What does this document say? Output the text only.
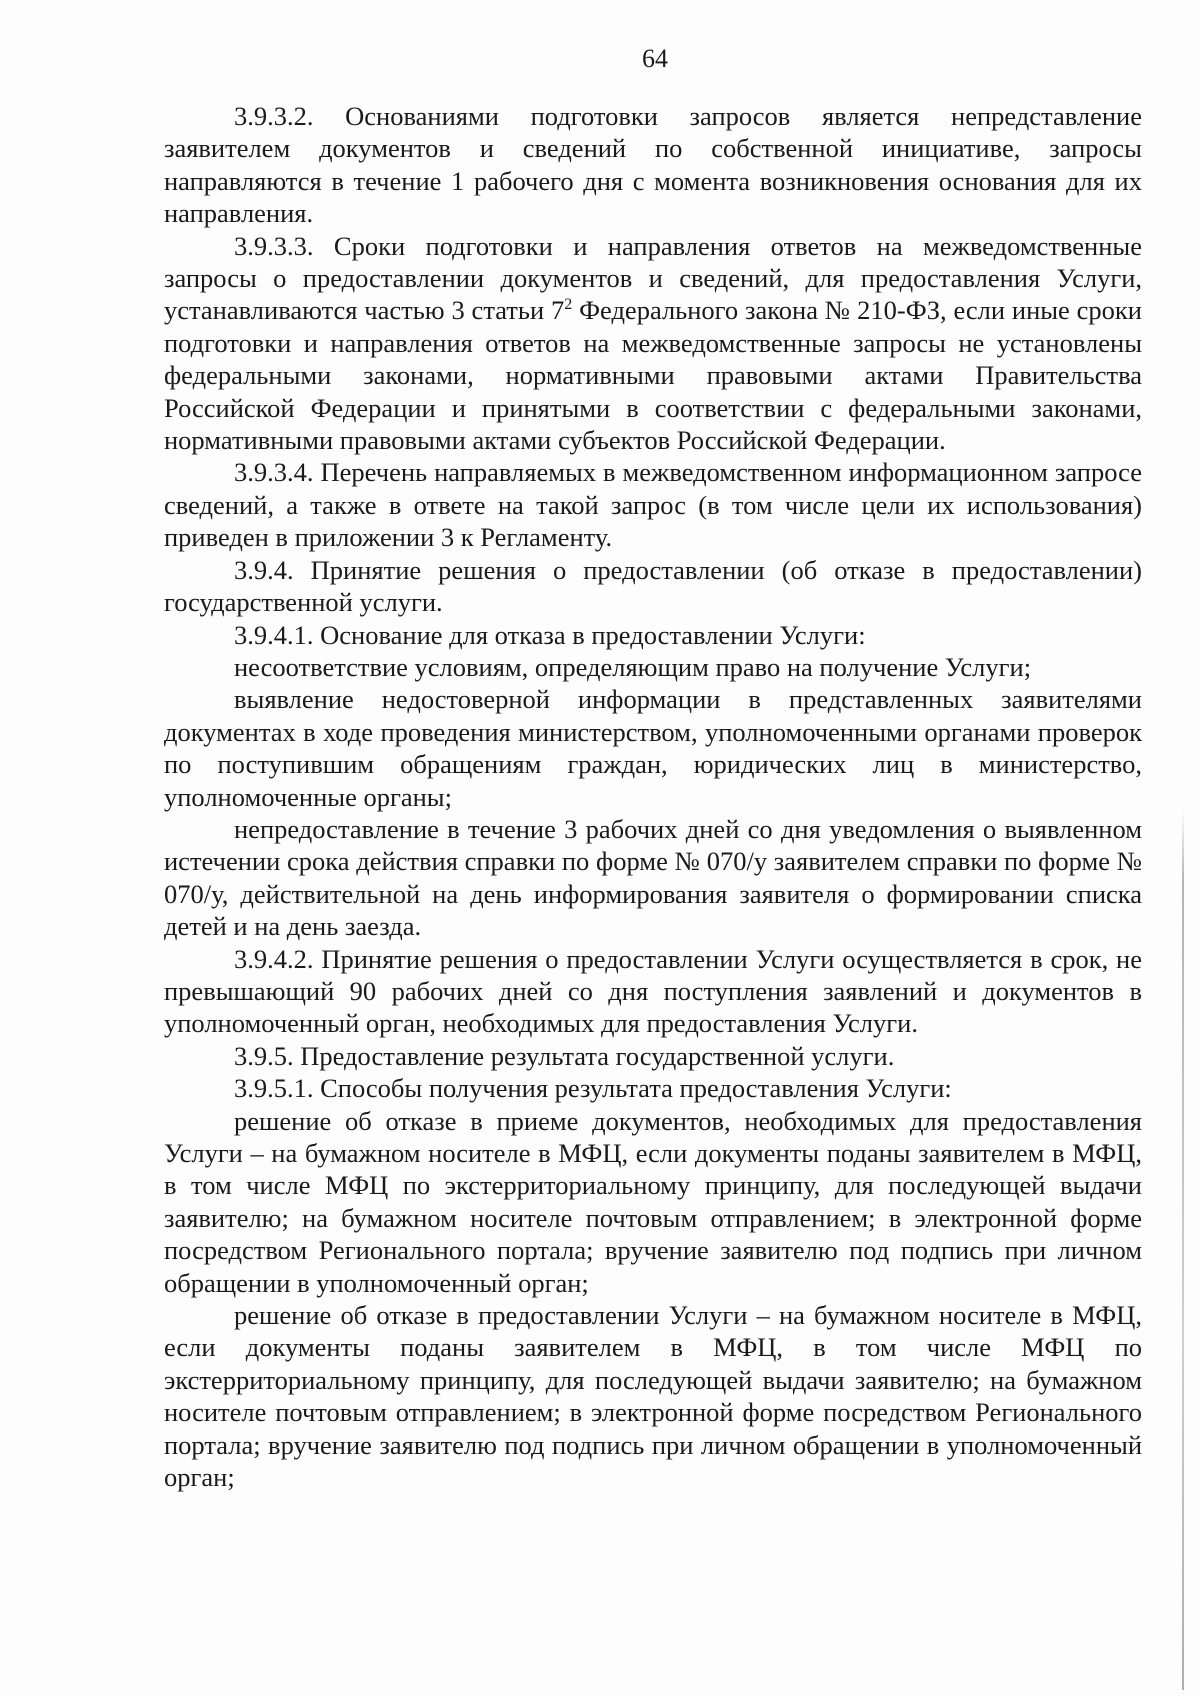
64

3.9.3.2. Основаниями подготовки запросов является непредставление заявителем документов и сведений по собственной инициативе, запросы направляются в течение 1 рабочего дня с момента возникновения основания для их направления.

3.9.3.3. Сроки подготовки и направления ответов на межведомственные запросы о предоставлении документов и сведений, для предоставления Услуги, устанавливаются частью 3 статьи $7^2$ Федерального закона № 210-ФЗ, если иные сроки подготовки и направления ответов на межведомственные запросы не установлены федеральными законами, нормативными правовыми актами Правительства Российской Федерации и принятыми в соответствии с федеральными законами, нормативными правовыми актами субъектов Российской Федерации.

3.9.3.4. Перечень направляемых в межведомственном информационном запросе сведений, а также в ответе на такой запрос (в том числе цели их использования) приведен в приложении 3 к Регламенту.

3.9.4. Принятие решения о предоставлении (об отказе в предоставлении) государственной услуги.

3.9.4.1. Основание для отказа в предоставлении Услуги:

несоответствие условиям, определяющим право на получение Услуги;

выявление недостоверной информации в представленных заявителями документах в ходе проведения министерством, уполномоченными органами проверок по поступившим обращениям граждан, юридических лиц в министерство, уполномоченные органы;

непредоставление в течение 3 рабочих дней со дня уведомления о выявленном истечении срока действия справки по форме № 070/у заявителем справки по форме № 070/у, действительной на день информирования заявителя о формировании списка детей и на день заезда.

3.9.4.2. Принятие решения о предоставлении Услуги осуществляется в срок, не превышающий 90 рабочих дней со дня поступления заявлений и документов в уполномоченный орган, необходимых для предоставления Услуги.

3.9.5. Предоставление результата государственной услуги.

3.9.5.1. Способы получения результата предоставления Услуги:

решение об отказе в приеме документов, необходимых для предоставления Услуги – на бумажном носителе в МФЦ, если документы поданы заявителем в МФЦ, в том числе МФЦ по экстерриториальному принципу, для последующей выдачи заявителю; на бумажном носителе почтовым отправлением; в электронной форме посредством Регионального портала; вручение заявителю под подпись при личном обращении в уполномоченный орган;

решение об отказе в предоставлении Услуги – на бумажном носителе в МФЦ, если документы поданы заявителем в МФЦ, в том числе МФЦ по экстерриториальному принципу, для последующей выдачи заявителю; на бумажном носителе почтовым отправлением; в электронной форме посредством Регионального портала; вручение заявителю под подпись при личном обращении в уполномоченный орган;
